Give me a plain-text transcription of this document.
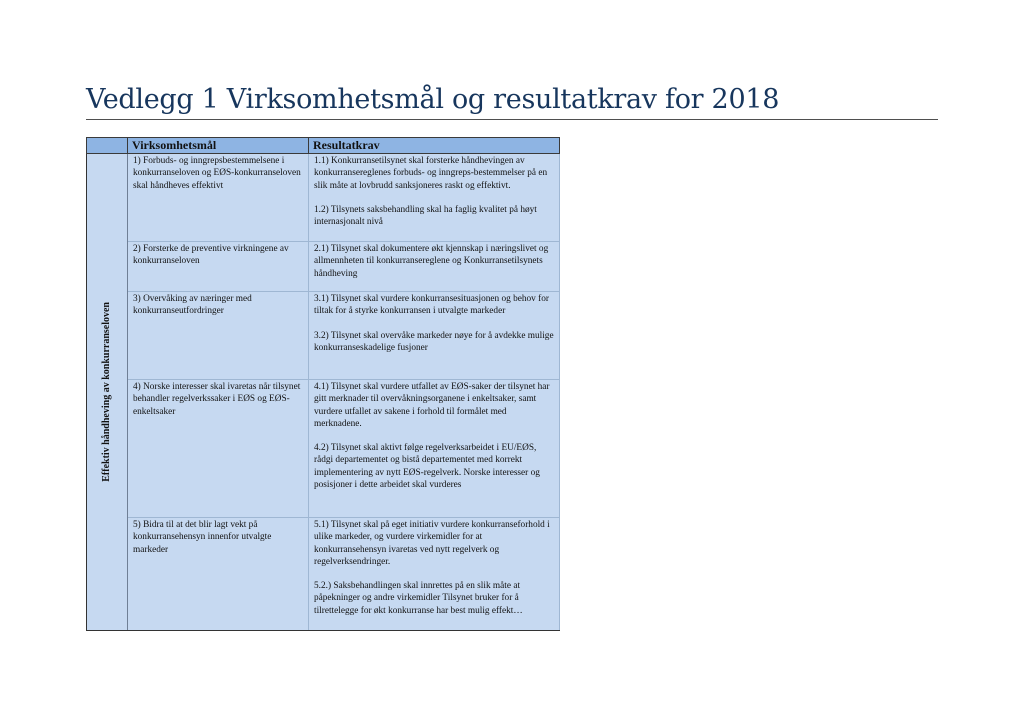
Vedlegg 1 Virksomhetsmål og resultatkrav for 2018
	Virksomhetsmål	Resultatkrav

Effektiv håndheving av konkurranseloven	1) Forbuds- og inngrepsbestemmelsene i konkurranseloven og EØS-konkurranseloven skal håndheves effektivt	1.1) Konkurransetilsynet skal forsterke håndhevingen av konkurransereglenes forbuds- og inngreps-bestemmelser på en slik måte at lovbrudd sanksjoneres raskt og effektivt.
1.2) Tilsynets saksbehandling skal ha faglig kvalitet på høyt internasjonalt nivå

	2) Forsterke de preventive virkningene av konkurranseloven	2.1) Tilsynet skal dokumentere økt kjennskap i næringslivet og allmennheten til konkurransereglene og Konkurransetilsynets håndheving

	3) Overvåking av næringer med konkurranseutfordringer	3.1) Tilsynet skal vurdere konkurransesituasjonen og behov for tiltak for å styrke konkurransen i utvalgte markeder
3.2) Tilsynet skal overvåke markeder nøye for å avdekke mulige konkurranseskadelige fusjoner

	4) Norske interesser skal ivaretas når tilsynet behandler regelverkssaker i EØS og EØS-enkeltsaker	4.1) Tilsynet skal vurdere utfallet av EØS-saker der tilsynet har gitt merknader til overvåkningsorganene i enkeltsaker, samt vurdere utfallet av sakene i forhold til formålet med merknadene.
4.2) Tilsynet skal aktivt følge regelverksarbeidet i EU/EØS, rådgi departementet og bistå departementet med korrekt implementering av nytt EØS-regelverk. Norske interesser og posisjoner i dette arbeidet skal vurderes

	5) Bidra til at det blir lagt vekt på konkurransehensyn innenfor utvalgte markeder	5.1) Tilsynet skal på eget initiativ vurdere konkurranseforhold i ulike markeder, og vurdere virkemidler for at konkurransehensyn ivaretas ved nytt regelverk og regelverksendringer.
5.2.) Saksbehandlingen skal innrettes på en slik måte at påpekninger og andre virkemidler Tilsynet bruker for å tilrettelegge for økt konkurranse har best mulig effekt…
